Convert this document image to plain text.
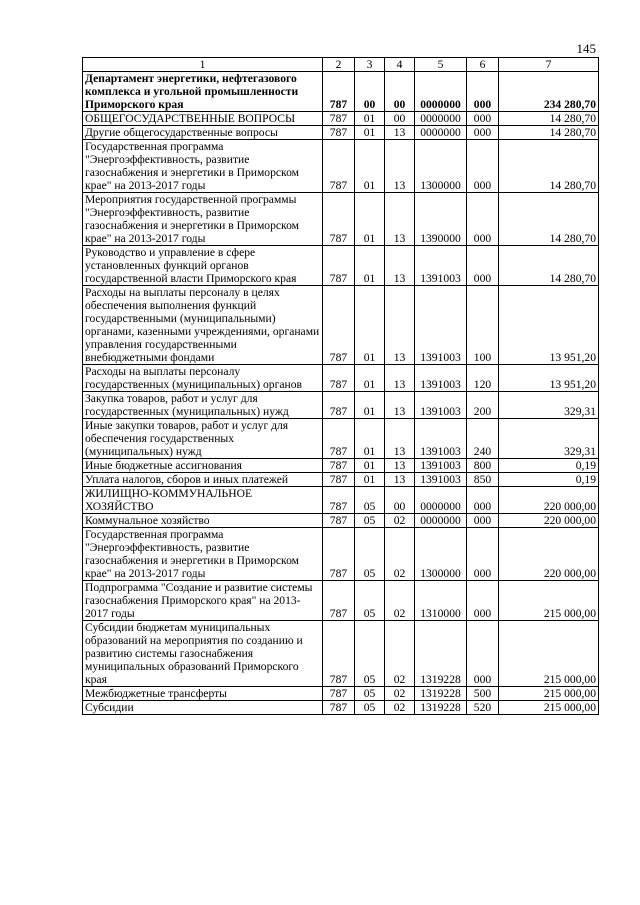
145
1	2	3	4	5	6	7
Департамент энергетики, нефтегазового комплекса и угольной промышленности Приморского края	787	00	00	0000000	000	234 280,70
ОБЩЕГОСУДАРСТВЕННЫЕ ВОПРОСЫ	787	01	00	0000000	000	14 280,70
Другие общегосударственные вопросы	787	01	13	0000000	000	14 280,70
Государственная программа "Энергоэффективность, развитие газоснабжения и энергетики в Приморском крае" на 2013-2017 годы	787	01	13	1300000	000	14 280,70
Мероприятия государственной программы "Энергоэффективность, развитие газоснабжения и энергетики в Приморском крае" на 2013-2017 годы	787	01	13	1390000	000	14 280,70
Руководство и управление в сфере установленных функций органов государственной власти Приморского края	787	01	13	1391003	000	14 280,70
Расходы на выплаты персоналу в целях обеспечения выполнения функций государственными (муниципальными) органами, казенными учреждениями, органами управления государственными внебюджетными фондами	787	01	13	1391003	100	13 951,20
Расходы на выплаты персоналу государственных (муниципальных) органов	787	01	13	1391003	120	13 951,20
Закупка товаров, работ и услуг для государственных (муниципальных) нужд	787	01	13	1391003	200	329,31
Иные закупки товаров, работ и услуг для обеспечения государственных (муниципальных) нужд	787	01	13	1391003	240	329,31
Иные бюджетные ассигнования	787	01	13	1391003	800	0,19
Уплата налогов, сборов и иных платежей	787	01	13	1391003	850	0,19
ЖИЛИЩНО-КОММУНАЛЬНОЕ ХОЗЯЙСТВО	787	05	00	0000000	000	220 000,00
Коммунальное хозяйство	787	05	02	0000000	000	220 000,00
Государственная программа "Энергоэффективность, развитие газоснабжения и энергетики в Приморском крае" на 2013-2017 годы	787	05	02	1300000	000	220 000,00
Подпрограмма "Создание и развитие системы газоснабжения Приморского края" на 2013-2017 годы	787	05	02	1310000	000	215 000,00
Субсидии бюджетам муниципальных образований на мероприятия по созданию и развитию системы газоснабжения муниципальных образований Приморского края	787	05	02	1319228	000	215 000,00
Межбюджетные трансферты	787	05	02	1319228	500	215 000,00
Субсидии	787	05	02	1319228	520	215 000,00
